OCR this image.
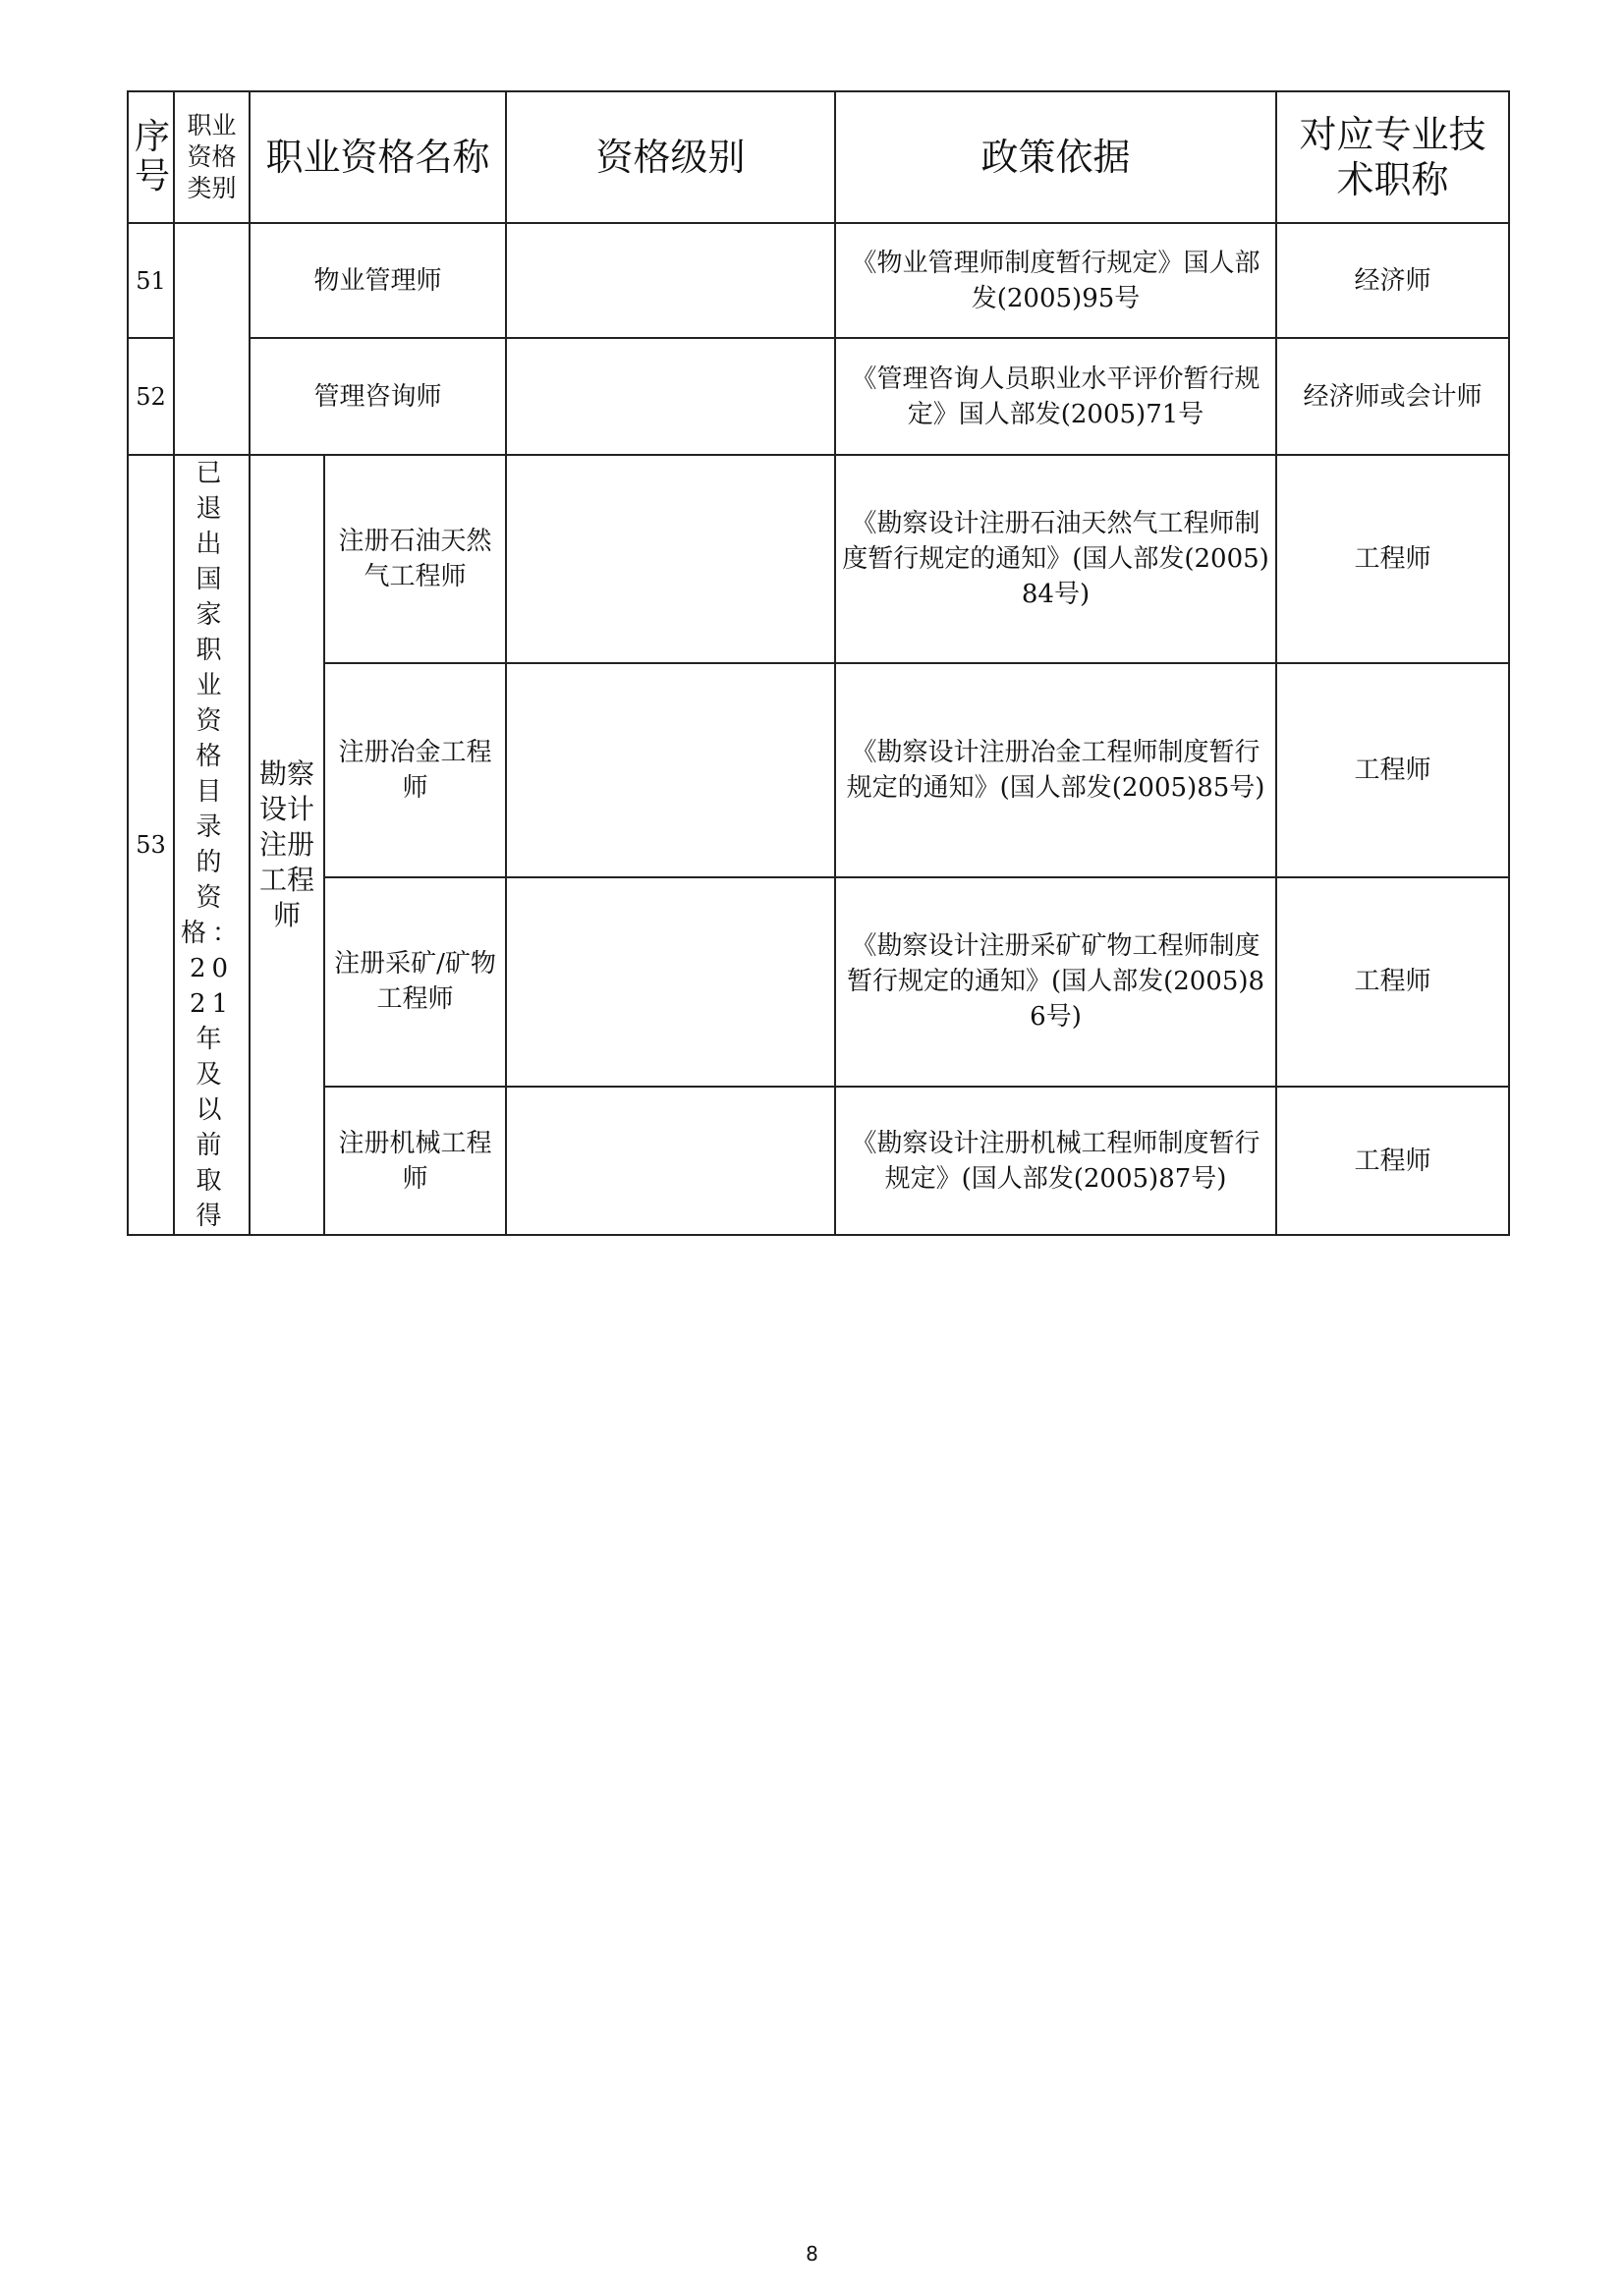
序号	职业资格类别	职业资格名称		资格级别	政策依据	对应专业技术职称
51		物业管理师			《物业管理师制度暂行规定》国人部发(2005)95号	经济师
52		管理咨询师			《管理咨询人员职业水平评价暂行规定》国人部发(2005)71号	经济师或会计师
53	已退出国家职业资格目录的资格：2021年及以前取得	勘察设计注册工程师	注册石油天然气工程师		《勘察设计注册石油天然气工程师制度暂行规定的通知》(国人部发(2005)84号)	工程师
			注册冶金工程师		《勘察设计注册冶金工程师制度暂行规定的通知》(国人部发(2005)85号)	工程师
			注册采矿/矿物工程师		《勘察设计注册采矿矿物工程师制度暂行规定的通知》(国人部发(2005)86号)	工程师
			注册机械工程师		《勘察设计注册机械工程师制度暂行规定》(国人部发(2005)87号)	工程师
8
